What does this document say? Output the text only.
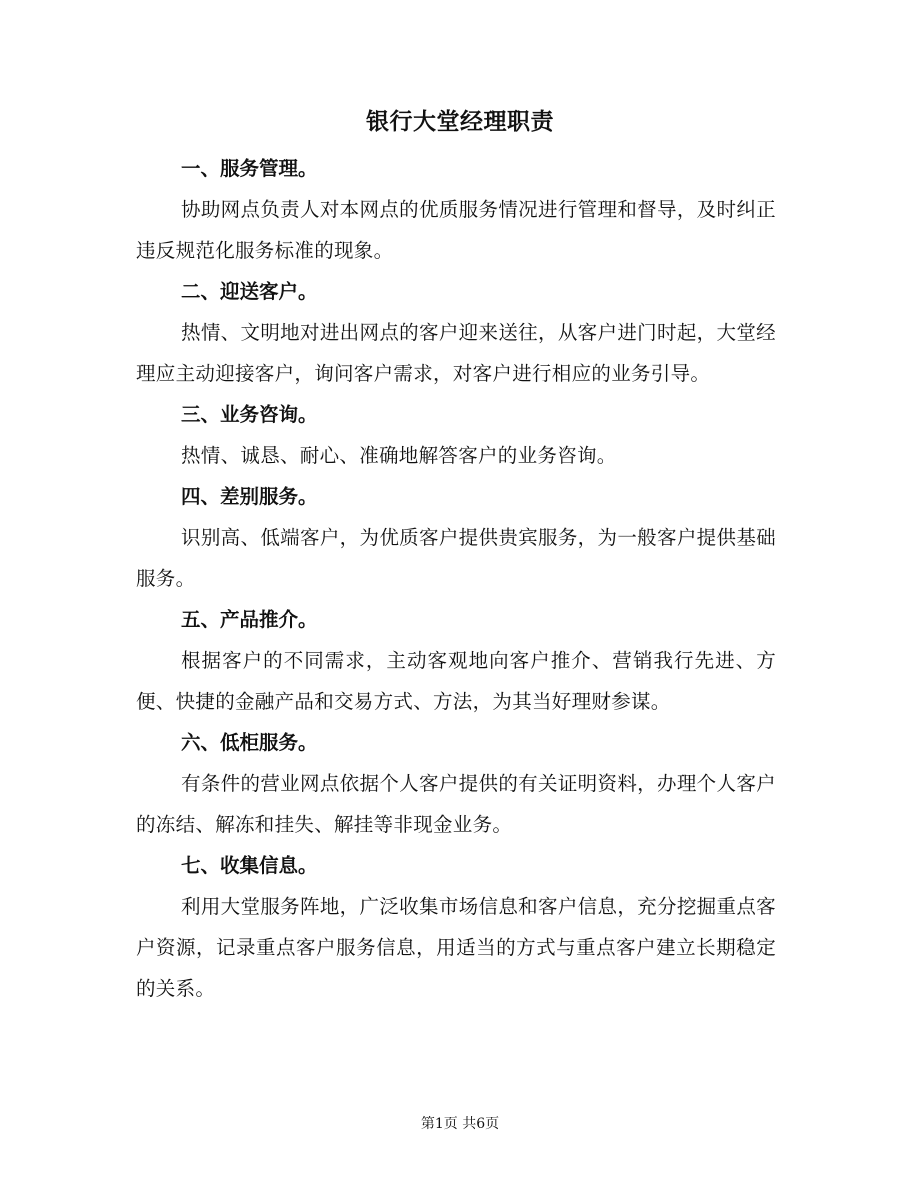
银行大堂经理职责

一、服务管理。

协助网点负责人对本网点的优质服务情况进行管理和督导，及时纠正违反规范化服务标准的现象。

二、迎送客户。

热情、文明地对进出网点的客户迎来送往，从客户进门时起，大堂经理应主动迎接客户，询问客户需求，对客户进行相应的业务引导。

三、业务咨询。

热情、诚恳、耐心、准确地解答客户的业务咨询。

四、差别服务。

识别高、低端客户，为优质客户提供贵宾服务，为一般客户提供基础服务。

五、产品推介。

根据客户的不同需求，主动客观地向客户推介、营销我行先进、方便、快捷的金融产品和交易方式、方法，为其当好理财参谋。

六、低柜服务。

有条件的营业网点依据个人客户提供的有关证明资料，办理个人客户的冻结、解冻和挂失、解挂等非现金业务。

七、收集信息。

利用大堂服务阵地，广泛收集市场信息和客户信息，充分挖掘重点客户资源，记录重点客户服务信息，用适当的方式与重点客户建立长期稳定的关系。

第1页 共6页
